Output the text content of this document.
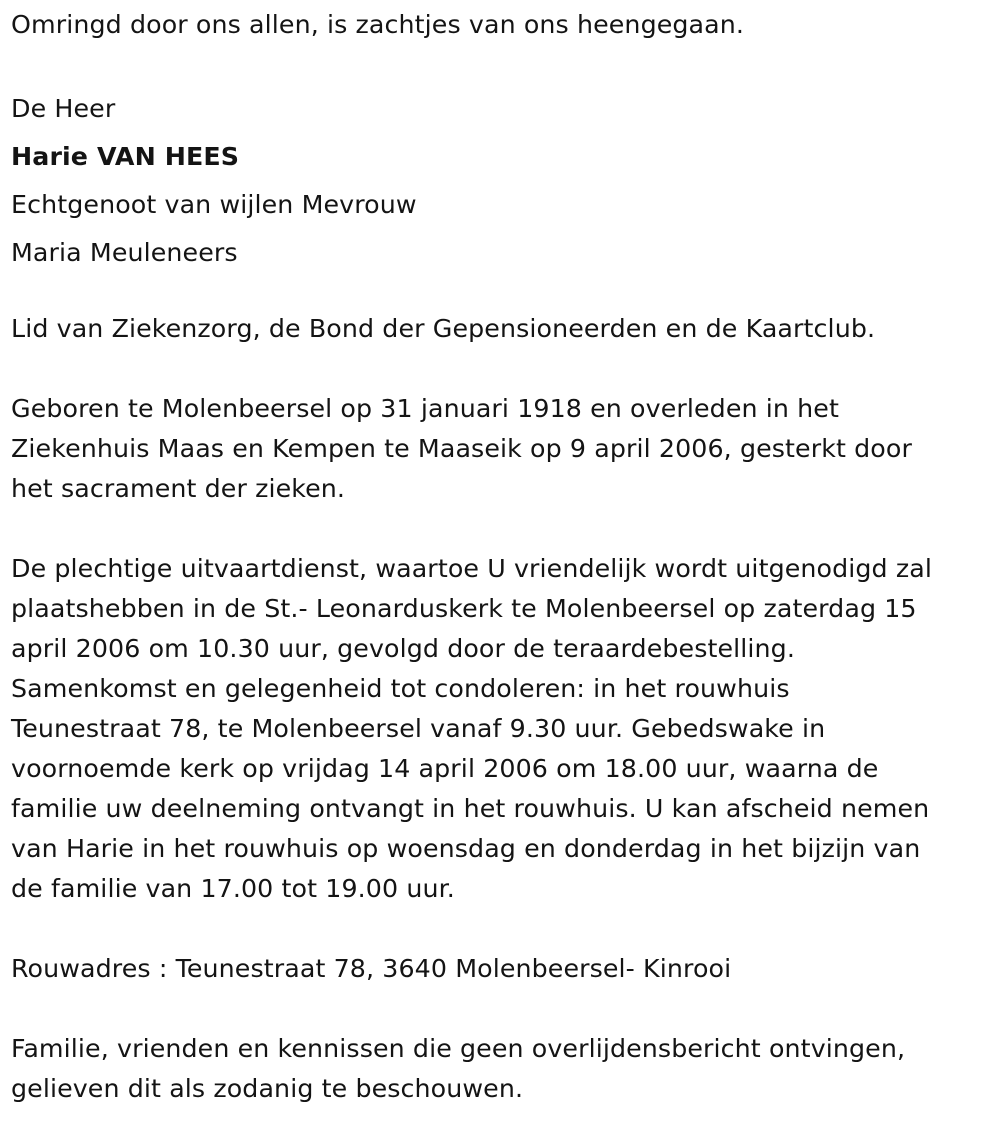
Omringd door ons allen, is zachtjes van ons heengegaan.

De Heer

Harie VAN HEES

Echtgenoot van wijlen Mevrouw

Maria Meuleneers

Lid van Ziekenzorg, de Bond der Gepensioneerden en de Kaartclub.

Geboren te Molenbeersel op 31 januari 1918 en overleden in het

Ziekenhuis Maas en Kempen te Maaseik op 9 april 2006, gesterkt door

het sacrament der zieken.

De plechtige uitvaartdienst, waartoe U vriendelijk wordt uitgenodigd zal

plaatshebben in de St.- Leonarduskerk te Molenbeersel op zaterdag 15

april 2006 om 10.30 uur, gevolgd door de teraardebestelling.

Samenkomst en gelegenheid tot condoleren: in het rouwhuis

Teunestraat 78, te Molenbeersel vanaf 9.30 uur. Gebedswake in

voornoemde kerk op vrijdag 14 april 2006 om 18.00 uur, waarna de

familie uw deelneming ontvangt in het rouwhuis. U kan afscheid nemen

van Harie in het rouwhuis op woensdag en donderdag in het bijzijn van

de familie van 17.00 tot 19.00 uur.

Rouwadres : Teunestraat 78, 3640 Molenbeersel- Kinrooi

Familie, vrienden en kennissen die geen overlijdensbericht ontvingen,

gelieven dit als zodanig te beschouwen.
